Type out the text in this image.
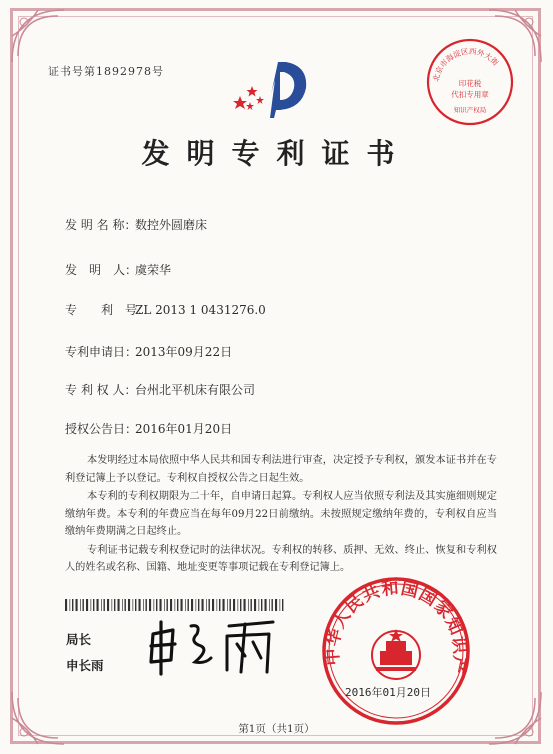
证书号第1892978号	北京市海淀区西外大街
印花税
代扣专用章
知识产权局
发明专利证书
发 明 名 称：数控外圆磨床
发　明　人：虞荣华
专　　利　号：ZL 2013 1 0431276.0
专利申请日：2013年09月22日
专 利 权 人：台州北平机床有限公司
授权公告日：2016年01月20日

本发明经过本局依照中华人民共和国专利法进行审查，决定授予专利权，颁发本证书并在专利登记簿上予以登记。专利权自授权公告之日起生效。

本专利的专利权期限为二十年，自申请日起算。专利权人应当依照专利法及其实施细则规定缴纳年费。本专利的年费应当在每年09月22日前缴纳。未按照规定缴纳年费的，专利权自应当缴纳年费期满之日起终止。

专利证书记载专利权登记时的法律状况。专利权的转移、质押、无效、终止、恢复和专利权人的姓名或名称、国籍、地址变更等事项记载在专利登记簿上。

局长
申长雨	中华人民共和国国家知识产
2016年01月20日
第1页（共1页）
